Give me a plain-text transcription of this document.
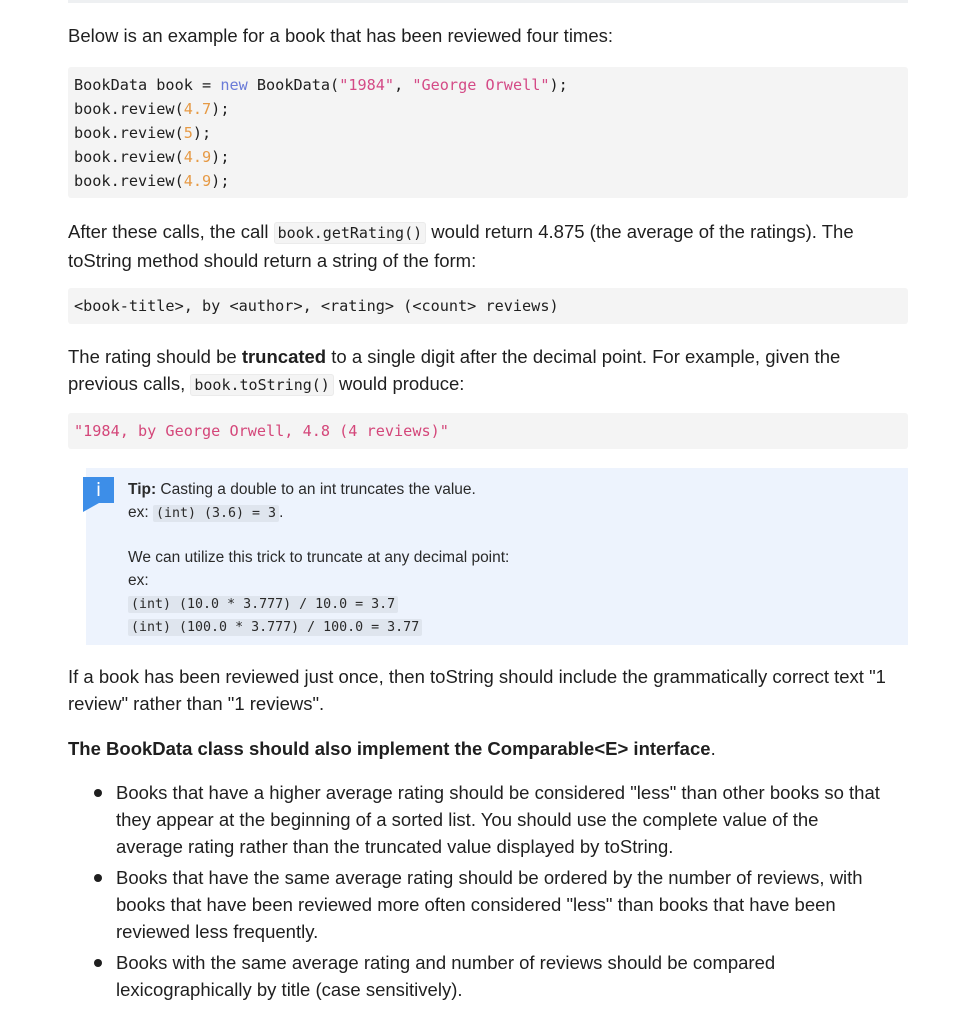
Below is an example for a book that has been reviewed four times:

BookData book = new BookData("1984", "George Orwell");
book.review(4.7);
book.review(5);
book.review(4.9);
book.review(4.9);

After these calls, the call book.getRating() would return 4.875 (the average of the ratings). The

toString method should return a string of the form:

<book-title>, by <author>, <rating> (<count> reviews)

The rating should be truncated to a single digit after the decimal point. For example, given the

previous calls, book.toString() would produce:

"1984, by George Orwell, 4.8 (4 reviews)"
i	Tip: Casting a double to an int truncates the value.
ex: (int) (3.6) = 3 .
We can utilize this trick to truncate at any decimal point:
ex:
(int) (10.0 * 3.777) / 10.0 = 3.7
(int) (100.0 * 3.777) / 100.0 = 3.77

If a book has been reviewed just once, then toString should include the grammatically correct text "1

review" rather than "1 reviews".

The BookData class should also implement the Comparable<E> interface.

Books that have a higher average rating should be considered "less" than other books so that
they appear at the beginning of a sorted list. You should use the complete value of the
average rating rather than the truncated value displayed by toString.
Books that have the same average rating should be ordered by the number of reviews, with
books that have been reviewed more often considered "less" than books that have been
reviewed less frequently.
Books with the same average rating and number of reviews should be compared
lexicographically by title (case sensitively).
